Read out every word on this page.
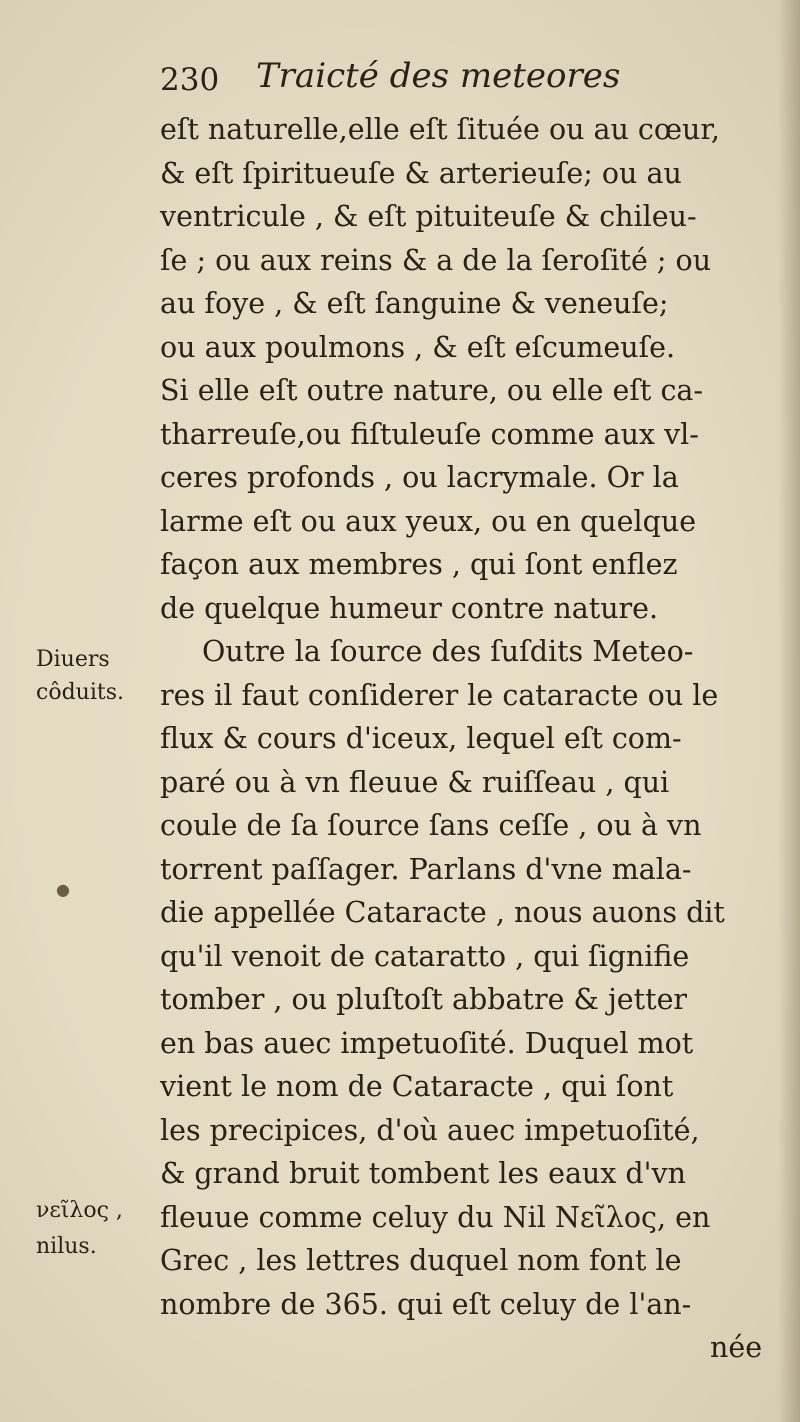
230 Traicté des meteores
eſt naturelle,elle eſt ſituée ou au cœur,
& eſt ſpiritueuſe & arterieuſe; ou au
ventricule , & eſt pituiteuſe & chileu-
ſe ; ou aux reins & a de la ſeroſité ; ou
au foye , & eſt ſanguine & veneuſe;
ou aux poulmons , & eſt eſcumeuſe.
Si elle eſt outre nature, ou elle eſt ca-
tharreuſe,ou fiſtuleuſe comme aux vl-
ceres profonds , ou lacrymale. Or la
larme eſt ou aux yeux, ou en quelque
façon aux membres , qui ſont enflez
de quelque humeur contre nature.
Outre la ſource des ſuſdits Meteo-
res il faut conſiderer le cataracte ou le
flux & cours d'iceux, lequel eſt com-
paré ou à vn fleuue & ruiſſeau , qui
coule de ſa ſource ſans ceſſe , ou à vn
torrent paſſager. Parlans d'vne mala-
die appellée Cataracte , nous auons dit
qu'il venoit de cataratto , qui ſignifie
tomber , ou pluſtoſt abbatre & jetter
en bas auec impetuoſité. Duquel mot
vient le nom de Cataracte , qui ſont
les precipices, d'où auec impetuoſité,
& grand bruit tombent les eaux d'vn
fleuue comme celuy du Nil Νεῖλος, en
Grec , les lettres duquel nom font le
nombre de 365. qui eſt celuy de l'an-
née
Diuers
côduits.
νεῖλος ,
nilus.
●
